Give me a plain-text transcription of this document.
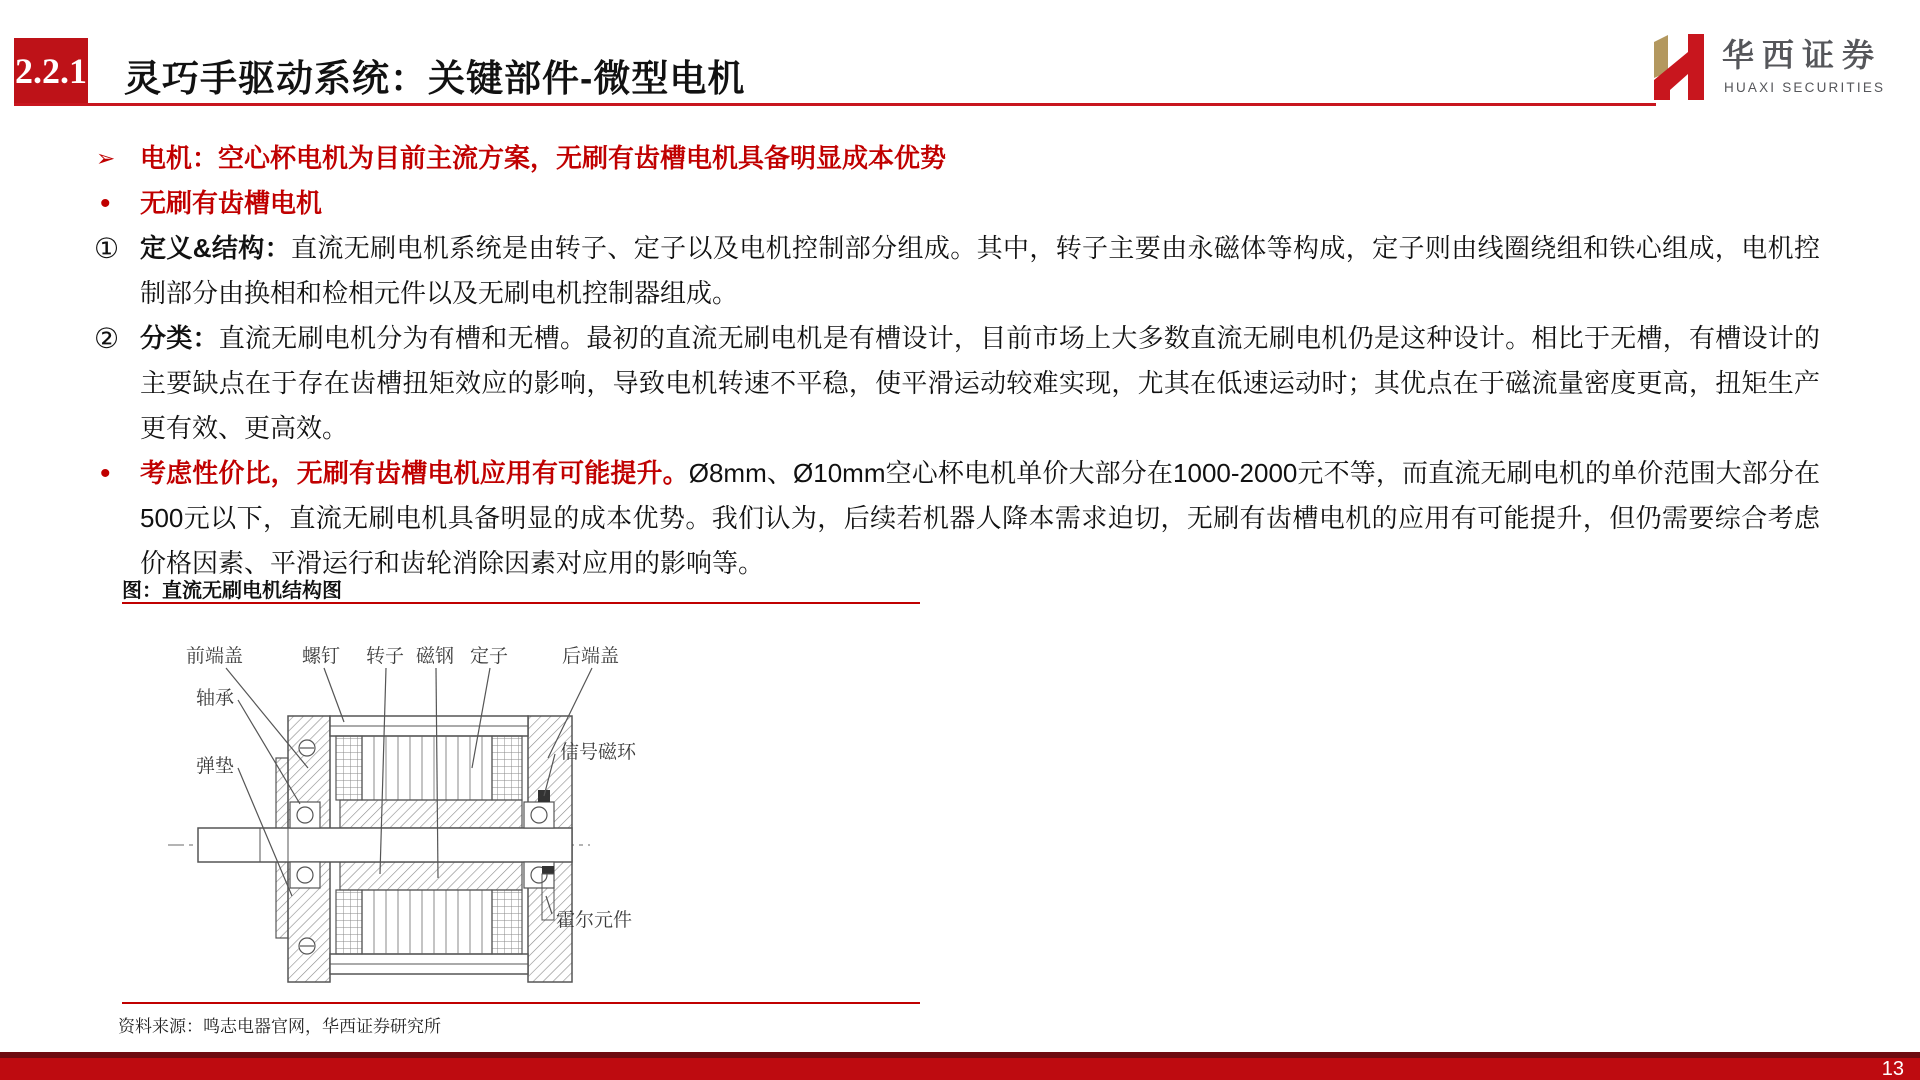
2.2.1 灵巧手驱动系统：关键部件-微型电机
华西证券
HUAXI SECURITIES
➢ 电机：空心杯电机为目前主流方案，无刷有齿槽电机具备明显成本优势
• 无刷有齿槽电机
① 定义&结构：直流无刷电机系统是由转子、定子以及电机控制部分组成。其中，转子主要由永磁体等构成，定子则由线圈绕组和铁心组成，电机控制部分由换相和检相元件以及无刷电机控制器组成。
② 分类：直流无刷电机分为有槽和无槽。最初的直流无刷电机是有槽设计，目前市场上大多数直流无刷电机仍是这种设计。相比于无槽，有槽设计的主要缺点在于存在齿槽扭矩效应的影响，导致电机转速不平稳，使平滑运动较难实现，尤其在低速运动时；其优点在于磁流量密度更高，扭矩生产更有效、更高效。
• 考虑性价比，无刷有齿槽电机应用有可能提升。Ø8mm、Ø10mm空心杯电机单价大部分在1000-2000元不等，而直流无刷电机的单价范围大部分在500元以下，直流无刷电机具备明显的成本优势。我们认为，后续若机器人降本需求迫切，无刷有齿槽电机的应用有可能提升，但仍需要综合考虑价格因素、平滑运行和齿轮消除因素对应用的影响等。
图：直流无刷电机结构图
前端盖	螺钉 转子 磁钢 定子	后端盖
轴承
弹垫
信号磁环
霍尔元件
资料来源：鸣志电器官网，华西证券研究所
13
